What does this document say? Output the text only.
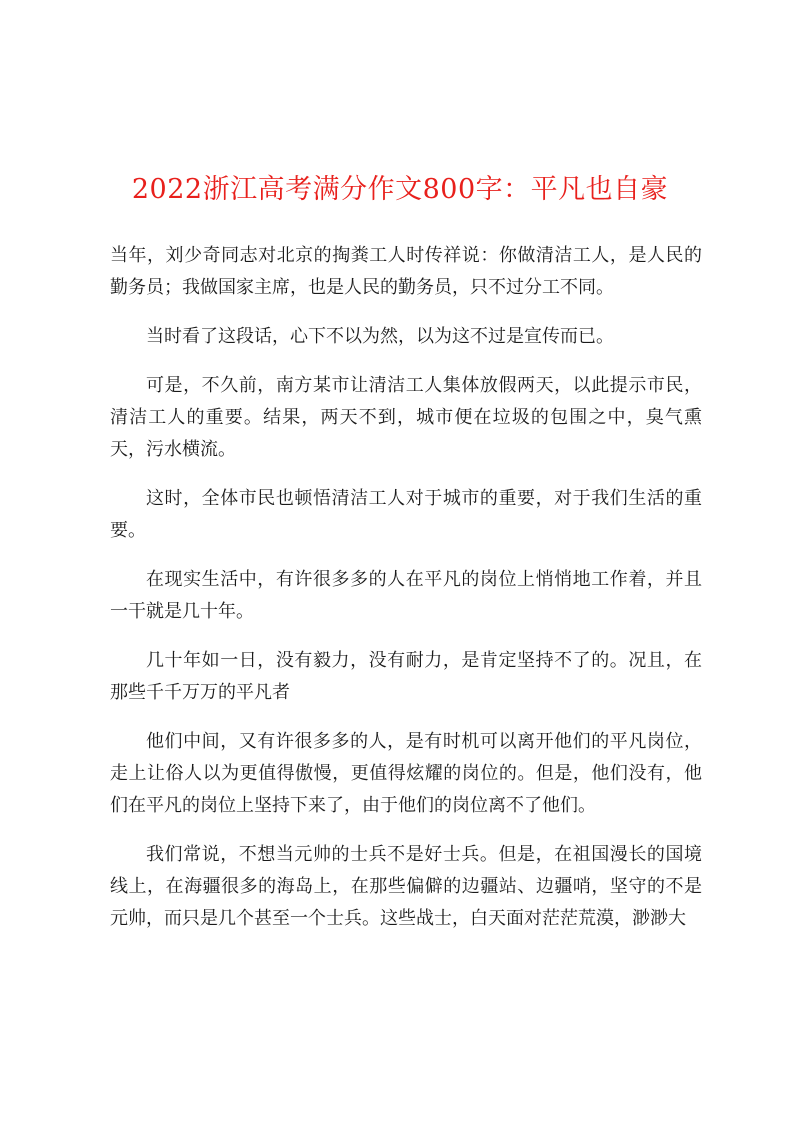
2022浙江高考满分作文800字：平凡也自豪

当年，刘少奇同志对北京的掏粪工人时传祥说：你做清洁工人，是人民的勤务员；我做国家主席，也是人民的勤务员，只不过分工不同。

当时看了这段话，心下不以为然，以为这不过是宣传而已。

可是，不久前，南方某市让清洁工人集体放假两天，以此提示市民，清洁工人的重要。结果，两天不到，城市便在垃圾的包围之中，臭气熏天，污水横流。

这时，全体市民也顿悟清洁工人对于城市的重要，对于我们生活的重要。

在现实生活中，有许很多多的人在平凡的岗位上悄悄地工作着，并且一干就是几十年。

几十年如一日，没有毅力，没有耐力，是肯定坚持不了的。况且，在那些千千万万的平凡者

他们中间，又有许很多多的人，是有时机可以离开他们的平凡岗位，走上让俗人以为更值得傲慢，更值得炫耀的岗位的。但是，他们没有，他们在平凡的岗位上坚持下来了，由于他们的岗位离不了他们。

我们常说，不想当元帅的士兵不是好士兵。但是，在祖国漫长的国境线上，在海疆很多的海岛上，在那些偏僻的边疆站、边疆哨，坚守的不是元帅，而只是几个甚至一个士兵。这些战士，白天面对茫茫荒漠，渺渺大
